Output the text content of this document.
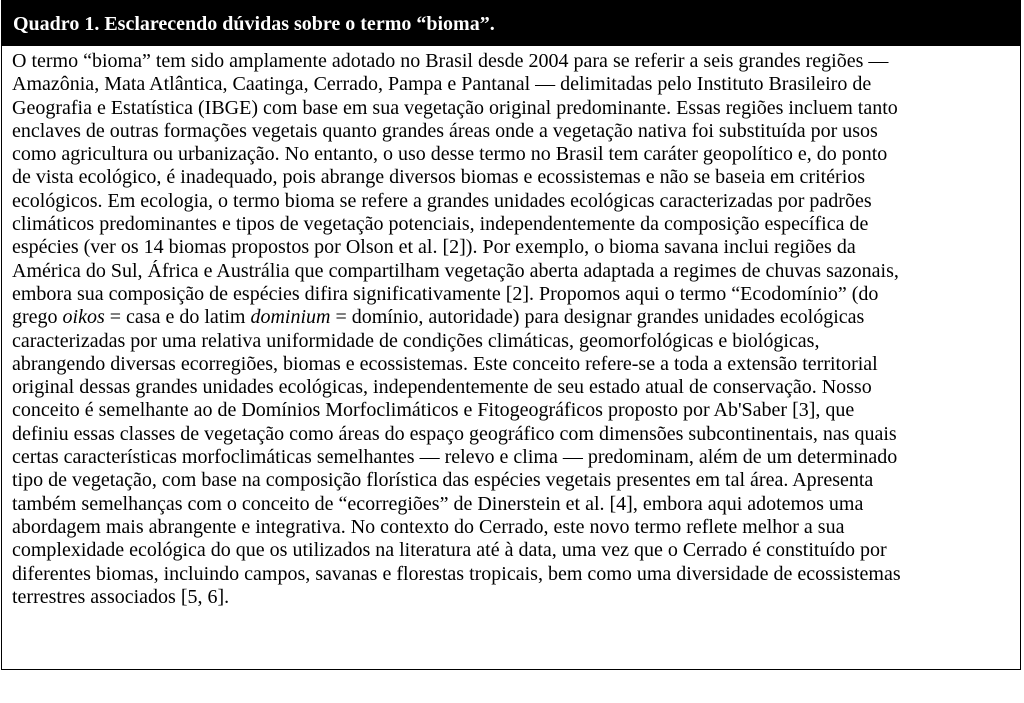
Quadro 1. Esclarecendo dúvidas sobre o termo “bioma”.
O termo “bioma” tem sido amplamente adotado no Brasil desde 2004 para se referir a seis grandes regiões —
Amazônia, Mata Atlântica, Caatinga, Cerrado, Pampa e Pantanal — delimitadas pelo Instituto Brasileiro de
Geografia e Estatística (IBGE) com base em sua vegetação original predominante. Essas regiões incluem tanto
enclaves de outras formações vegetais quanto grandes áreas onde a vegetação nativa foi substituída por usos
como agricultura ou urbanização. No entanto, o uso desse termo no Brasil tem caráter geopolítico e, do ponto
de vista ecológico, é inadequado, pois abrange diversos biomas e ecossistemas e não se baseia em critérios
ecológicos. Em ecologia, o termo bioma se refere a grandes unidades ecológicas caracterizadas por padrões
climáticos predominantes e tipos de vegetação potenciais, independentemente da composição específica de
espécies (ver os 14 biomas propostos por Olson et al. [2]). Por exemplo, o bioma savana inclui regiões da
América do Sul, África e Austrália que compartilham vegetação aberta adaptada a regimes de chuvas sazonais,
embora sua composição de espécies difira significativamente [2]. Propomos aqui o termo “Ecodomínio” (do
grego oikos = casa e do latim dominium = domínio, autoridade) para designar grandes unidades ecológicas
caracterizadas por uma relativa uniformidade de condições climáticas, geomorfológicas e biológicas,
abrangendo diversas ecorregiões, biomas e ecossistemas. Este conceito refere-se a toda a extensão territorial
original dessas grandes unidades ecológicas, independentemente de seu estado atual de conservação. Nosso
conceito é semelhante ao de Domínios Morfoclimáticos e Fitogeográficos proposto por Ab'Saber [3], que
definiu essas classes de vegetação como áreas do espaço geográfico com dimensões subcontinentais, nas quais
certas características morfoclimáticas semelhantes — relevo e clima — predominam, além de um determinado
tipo de vegetação, com base na composição florística das espécies vegetais presentes em tal área. Apresenta
também semelhanças com o conceito de “ecorregiões” de Dinerstein et al. [4], embora aqui adotemos uma
abordagem mais abrangente e integrativa. No contexto do Cerrado, este novo termo reflete melhor a sua
complexidade ecológica do que os utilizados na literatura até à data, uma vez que o Cerrado é constituído por
diferentes biomas, incluindo campos, savanas e florestas tropicais, bem como uma diversidade de ecossistemas
terrestres associados [5, 6].
